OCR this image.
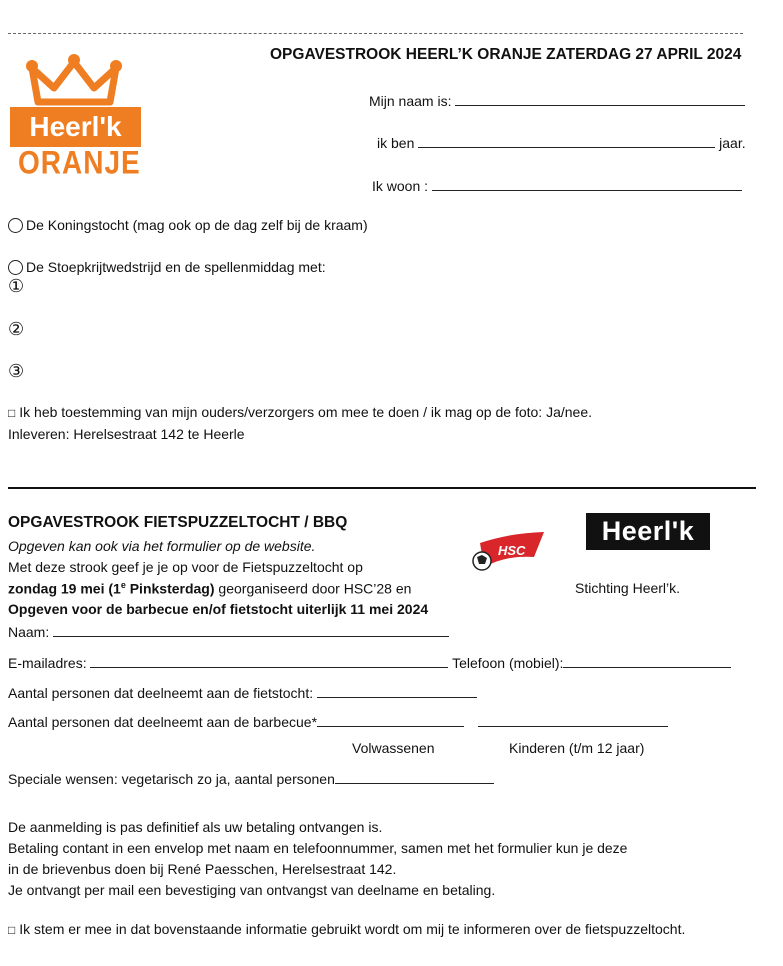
Heerl'k
ORANJE
OPGAVESTROOK HEERL’K ORANJE ZATERDAG 27 APRIL 2024
Mijn naam is:
ik ben	jaar.
Ik woon :
De Koningstocht (mag ook op de dag zelf bij de kraam)
De Stoepkrijtwedstrijd en de spellenmiddag met:
①
②
③
□ Ik heb toestemming van mijn ouders/verzorgers om mee te doen / ik mag op de foto: Ja/nee.
Inleveren: Herelsestraat 142 te Heerle
OPGAVESTROOK FIETSPUZZELTOCHT / BBQ
Opgeven kan ook via het formulier op de website.
Met deze strook geef je je op voor de Fietspuzzeltocht op
zondag 19 mei (1e Pinksterdag) georganiseerd door HSC’28 en
Opgeven voor de barbecue en/of fietstocht uiterlijk 11 mei 2024
Naam:
HSC
Heerl'k
Stichting Heerl’k.
E-mailadres:	Telefoon (mobiel):
Aantal personen dat deelneemt aan de fietstocht:
Aantal personen dat deelneemt aan de barbecue*
Volwassenen	Kinderen (t/m 12 jaar)
Speciale wensen: vegetarisch zo ja, aantal personen
De aanmelding is pas definitief als uw betaling ontvangen is.
Betaling contant in een envelop met naam en telefoonnummer, samen met het formulier kun je deze
in de brievenbus doen bij René Paesschen, Herelsestraat 142.
Je ontvangt per mail een bevestiging van ontvangst van deelname en betaling.
□ Ik stem er mee in dat bovenstaande informatie gebruikt wordt om mij te informeren over de fietspuzzeltocht.
